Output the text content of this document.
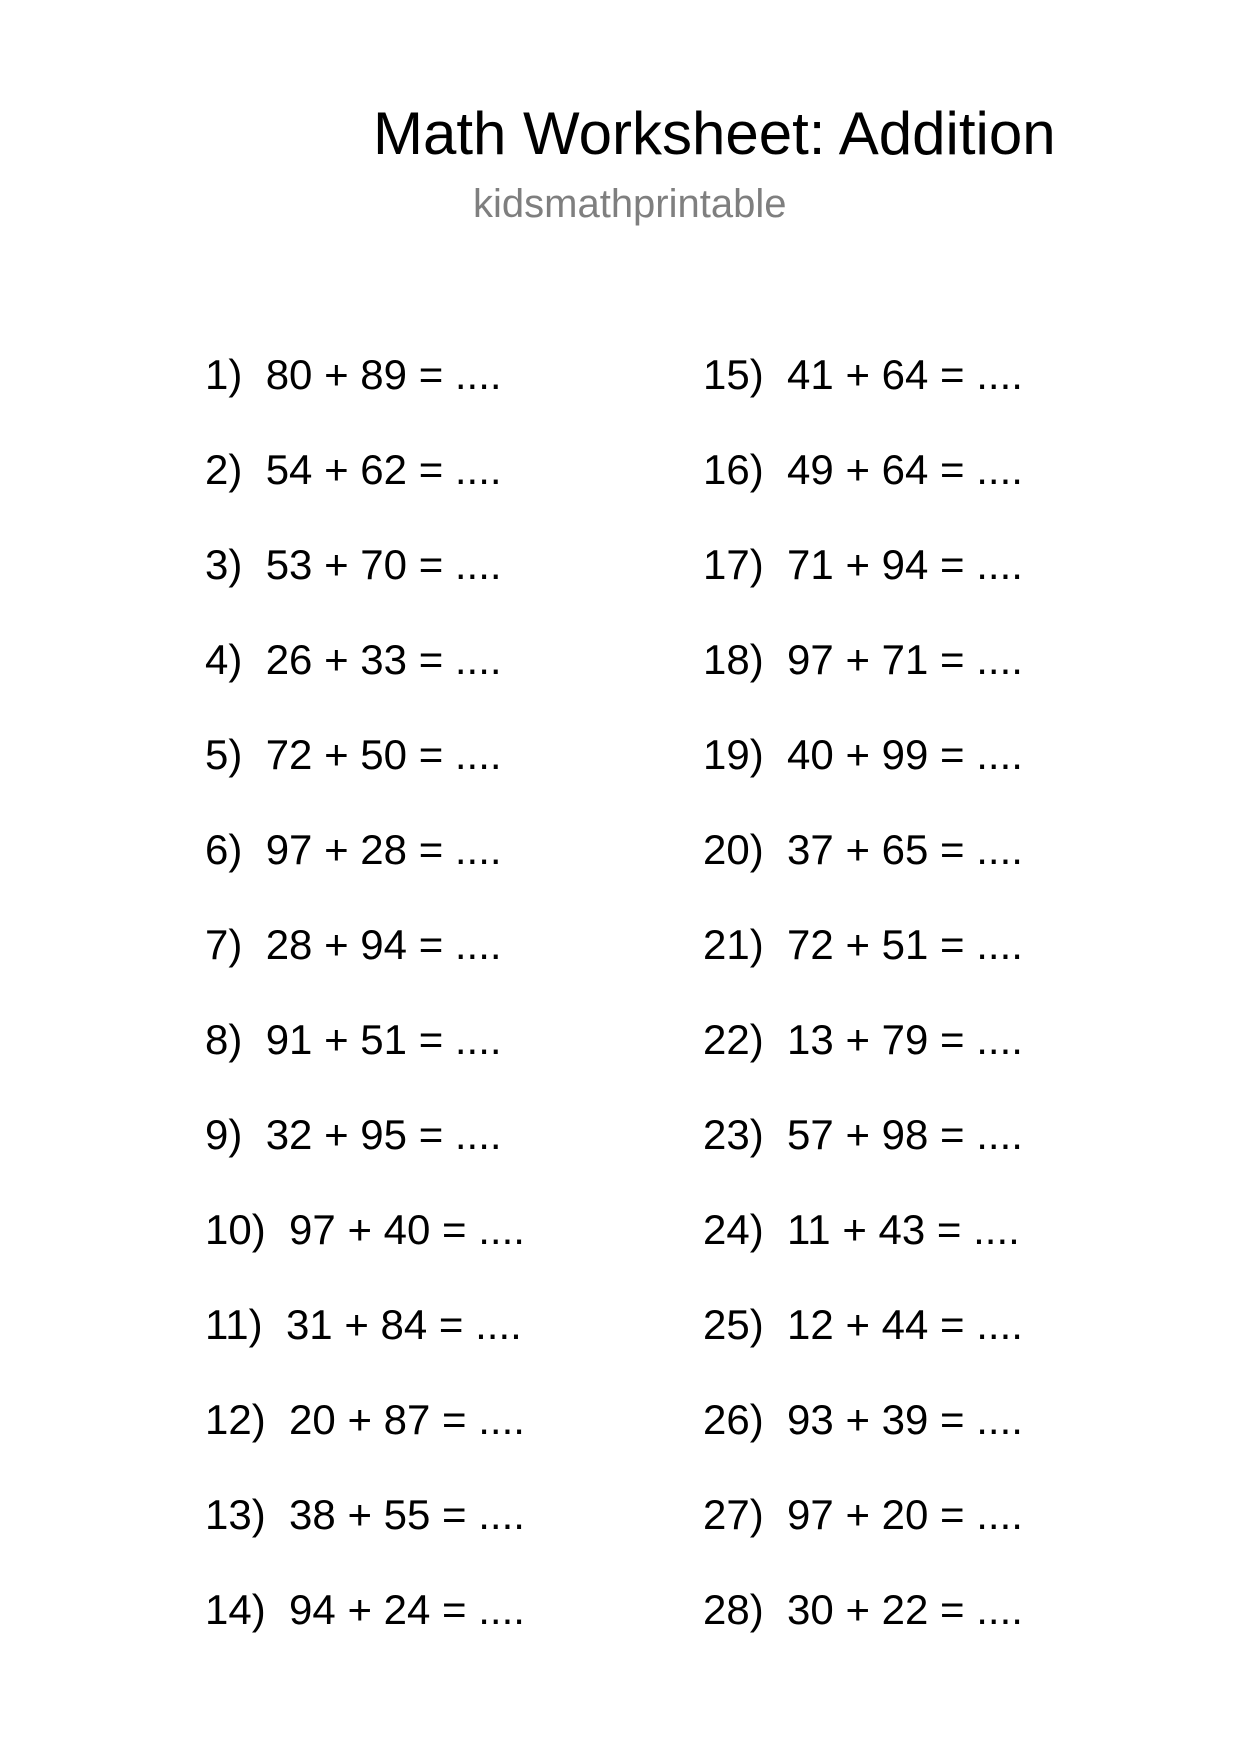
Math Worksheet: Addition
kidsmathprintable
1) 80 + 89 = ....
2) 54 + 62 = ....
3) 53 + 70 = ....
4) 26 + 33 = ....
5) 72 + 50 = ....
6) 97 + 28 = ....
7) 28 + 94 = ....
8) 91 + 51 = ....
9) 32 + 95 = ....
10) 97 + 40 = ....
11) 31 + 84 = ....
12) 20 + 87 = ....
13) 38 + 55 = ....
14) 94 + 24 = ....
15) 41 + 64 = ....
16) 49 + 64 = ....
17) 71 + 94 = ....
18) 97 + 71 = ....
19) 40 + 99 = ....
20) 37 + 65 = ....
21) 72 + 51 = ....
22) 13 + 79 = ....
23) 57 + 98 = ....
24) 11 + 43 = ....
25) 12 + 44 = ....
26) 93 + 39 = ....
27) 97 + 20 = ....
28) 30 + 22 = ....
